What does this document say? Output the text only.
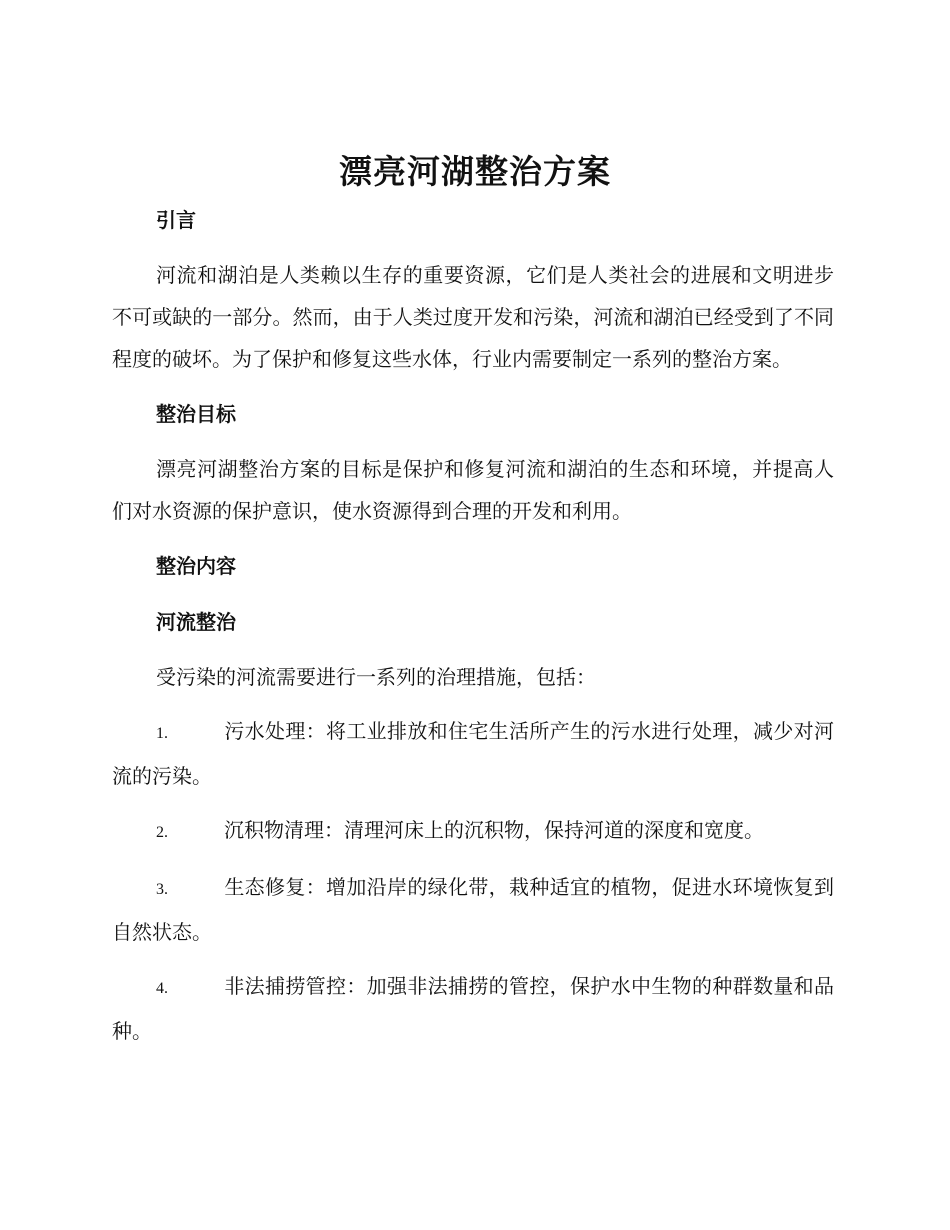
漂亮河湖整治方案

引言

河流和湖泊是人类赖以生存的重要资源，它们是人类社会的进展和文明进步不可或缺的一部分。然而，由于人类过度开发和污染，河流和湖泊已经受到了不同程度的破坏。为了保护和修复这些水体，行业内需要制定一系列的整治方案。

整治目标

漂亮河湖整治方案的目标是保护和修复河流和湖泊的生态和环境，并提高人们对水资源的保护意识，使水资源得到合理的开发和利用。

整治内容

河流整治

受污染的河流需要进行一系列的治理措施，包括：

1.	污水处理：将工业排放和住宅生活所产生的污水进行处理，减少对河流的污染。

2.	沉积物清理：清理河床上的沉积物，保持河道的深度和宽度。

3.	生态修复：增加沿岸的绿化带，栽种适宜的植物，促进水环境恢复到自然状态。

4.	非法捕捞管控：加强非法捕捞的管控，保护水中生物的种群数量和品种。
